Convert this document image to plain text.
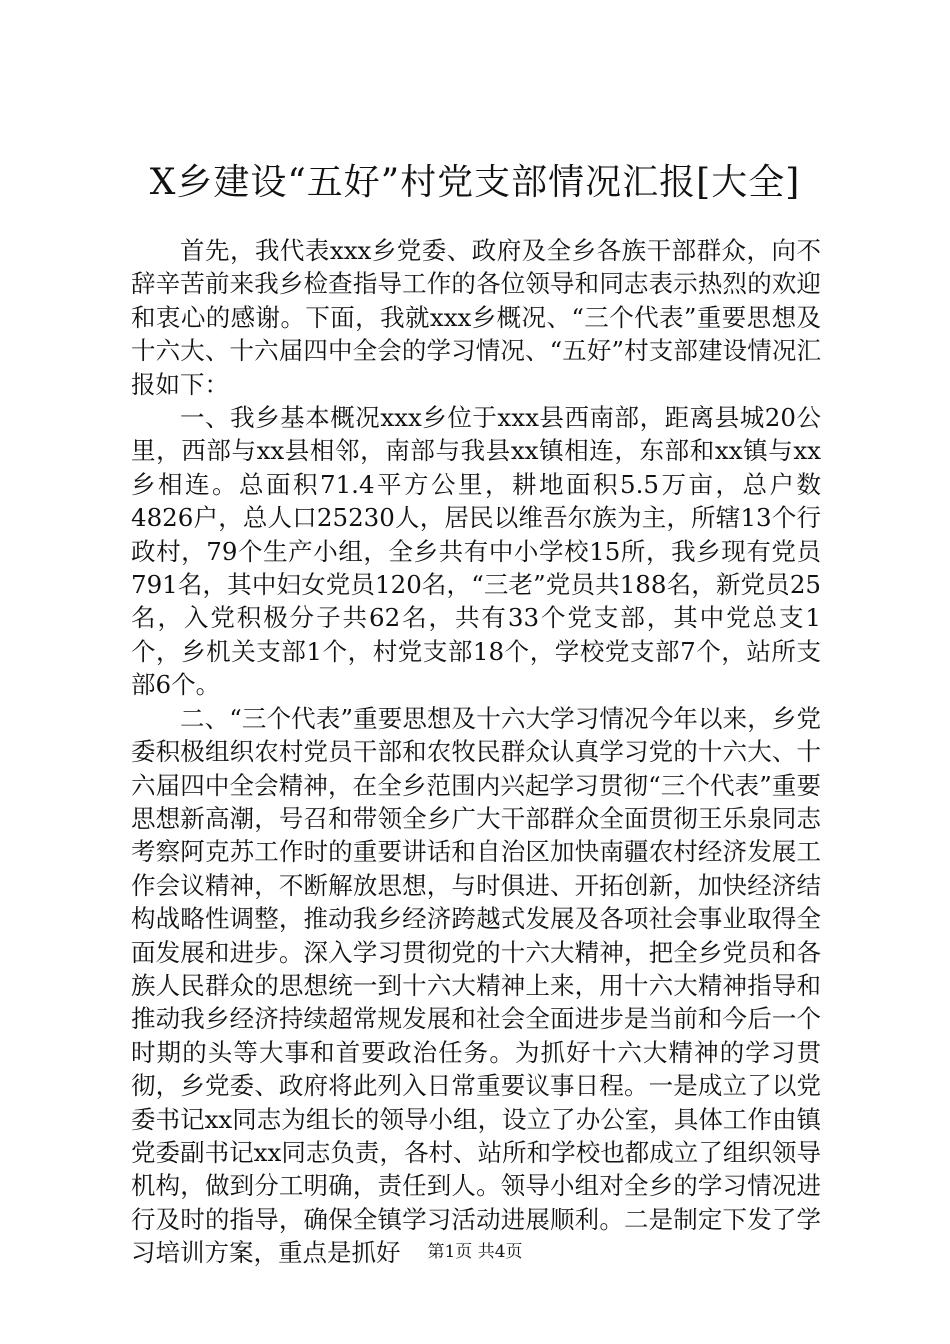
X乡建设“五好”村党支部情况汇报[大全]

首先，我代表xxx乡党委、政府及全乡各族干部群众，向不辞辛苦前来我乡检查指导工作的各位领导和同志表示热烈的欢迎和衷心的感谢。下面，我就xxx乡概况、“三个代表”重要思想及十六大、十六届四中全会的学习情况、“五好”村支部建设情况汇报如下：

一、我乡基本概况xxx乡位于xxx县西南部，距离县城20公里，西部与xx县相邻，南部与我县xx镇相连，东部和xx镇与xx乡相连。总面积71.4平方公里，耕地面积5.5万亩，总户数4826户，总人口25230人，居民以维吾尔族为主，所辖13个行政村，79个生产小组，全乡共有中小学校15所，我乡现有党员791名，其中妇女党员120名，“三老”党员共188名，新党员25名，入党积极分子共62名，共有33个党支部，其中党总支1个，乡机关支部1个，村党支部18个，学校党支部7个，站所支部6个。

二、“三个代表”重要思想及十六大学习情况今年以来，乡党委积极组织农村党员干部和农牧民群众认真学习党的十六大、十六届四中全会精神，在全乡范围内兴起学习贯彻“三个代表”重要思想新高潮，号召和带领全乡广大干部群众全面贯彻王乐泉同志考察阿克苏工作时的重要讲话和自治区加快南疆农村经济发展工作会议精神，不断解放思想，与时俱进、开拓创新，加快经济结构战略性调整，推动我乡经济跨越式发展及各项社会事业取得全面发展和进步。深入学习贯彻党的十六大精神，把全乡党员和各族人民群众的思想统一到十六大精神上来，用十六大精神指导和推动我乡经济持续超常规发展和社会全面进步是当前和今后一个时期的头等大事和首要政治任务。为抓好十六大精神的学习贯彻，乡党委、政府将此列入日常重要议事日程。一是成立了以党委书记xx同志为组长的领导小组，设立了办公室，具体工作由镇党委副书记xx同志负责，各村、站所和学校也都成立了组织领导机构，做到分工明确，责任到人。领导小组对全乡的学习情况进行及时的指导，确保全镇学习活动进展顺利。二是制定下发了学习培训方案，重点是抓好	第1页 共4页
